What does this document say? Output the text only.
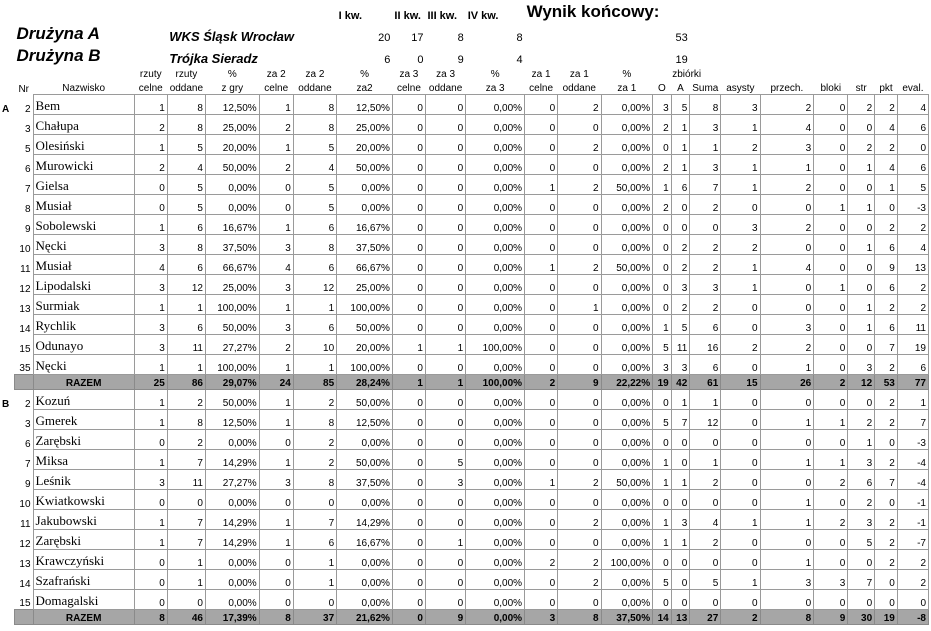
								I kw.	II kw.	III kw.	IV kw.	Wynik końcowy:											
	Drużyna A			WKS Śląsk Wrocław				20	17	8	8					53							
	Drużyna B			Trójka Sieradz				6	0	9	4					19							
			rzuty	rzuty	%	za 2	za 2	%	za 3	za 3	%	za 1	za 1	%	zbiórki								
	Nr	Nazwisko	celne	oddane	z gry	celne	oddane	za2	celne	oddane	za 3	celne	oddane	za 1	O	A	Suma	asysty	przech.	bloki	str	pkt	eval.
A	2	Bem	1	8	12,50%	1	8	12,50%	0	0	0,00%	0	2	0,00%	3	5	8	3	2	0	2	2	4
	3	Chałupa	2	8	25,00%	2	8	25,00%	0	0	0,00%	0	0	0,00%	2	1	3	1	4	0	0	4	6
	5	Olesiński	1	5	20,00%	1	5	20,00%	0	0	0,00%	0	2	0,00%	0	1	1	2	3	0	2	2	0
	6	Murowicki	2	4	50,00%	2	4	50,00%	0	0	0,00%	0	0	0,00%	2	1	3	1	1	0	1	4	6
	7	Gielsa	0	5	0,00%	0	5	0,00%	0	0	0,00%	1	2	50,00%	1	6	7	1	2	0	0	1	5
	8	Musiał	0	5	0,00%	0	5	0,00%	0	0	0,00%	0	0	0,00%	2	0	2	0	0	1	1	0	-3
	9	Sobolewski	1	6	16,67%	1	6	16,67%	0	0	0,00%	0	0	0,00%	0	0	0	3	2	0	0	2	2
	10	Nęcki	3	8	37,50%	3	8	37,50%	0	0	0,00%	0	0	0,00%	0	2	2	2	0	0	1	6	4
	11	Musiał	4	6	66,67%	4	6	66,67%	0	0	0,00%	1	2	50,00%	0	2	2	1	4	0	0	9	13
	12	Lipodalski	3	12	25,00%	3	12	25,00%	0	0	0,00%	0	0	0,00%	0	3	3	1	0	1	0	6	2
	13	Surmiak	1	1	100,00%	1	1	100,00%	0	0	0,00%	0	1	0,00%	0	2	2	0	0	0	1	2	2
	14	Rychlik	3	6	50,00%	3	6	50,00%	0	0	0,00%	0	0	0,00%	1	5	6	0	3	0	1	6	11
	15	Odunayo	3	11	27,27%	2	10	20,00%	1	1	100,00%	0	0	0,00%	5	11	16	2	2	0	0	7	19
	35	Nęcki	1	1	100,00%	1	1	100,00%	0	0	0,00%	0	0	0,00%	3	3	6	0	1	0	3	2	6
		RAZEM	25	86	29,07%	24	85	28,24%	1	1	100,00%	2	9	22,22%	19	42	61	15	26	2	12	53	77
B	2	Kozuń	1	2	50,00%	1	2	50,00%	0	0	0,00%	0	0	0,00%	0	1	1	0	0	0	0	2	1
	3	Gmerek	1	8	12,50%	1	8	12,50%	0	0	0,00%	0	0	0,00%	5	7	12	0	1	1	2	2	7
	6	Zarębski	0	2	0,00%	0	2	0,00%	0	0	0,00%	0	0	0,00%	0	0	0	0	0	0	1	0	-3
	7	Miksa	1	7	14,29%	1	2	50,00%	0	5	0,00%	0	0	0,00%	1	0	1	0	1	1	3	2	-4
	9	Leśnik	3	11	27,27%	3	8	37,50%	0	3	0,00%	1	2	50,00%	1	1	2	0	0	2	6	7	-4
	10	Kwiatkowski	0	0	0,00%	0	0	0,00%	0	0	0,00%	0	0	0,00%	0	0	0	0	1	0	2	0	-1
	11	Jakubowski	1	7	14,29%	1	7	14,29%	0	0	0,00%	0	2	0,00%	1	3	4	1	1	2	3	2	-1
	12	Zarębski	1	7	14,29%	1	6	16,67%	0	1	0,00%	0	0	0,00%	1	1	2	0	0	0	5	2	-7
	13	Krawczyński	0	1	0,00%	0	1	0,00%	0	0	0,00%	2	2	100,00%	0	0	0	0	1	0	0	2	2
	14	Szafrański	0	1	0,00%	0	1	0,00%	0	0	0,00%	0	2	0,00%	5	0	5	1	3	3	7	0	2
	15	Domagalski	0	0	0,00%	0	0	0,00%	0	0	0,00%	0	0	0,00%	0	0	0	0	0	0	0	0	0
		RAZEM	8	46	17,39%	8	37	21,62%	0	9	0,00%	3	8	37,50%	14	13	27	2	8	9	30	19	-8
